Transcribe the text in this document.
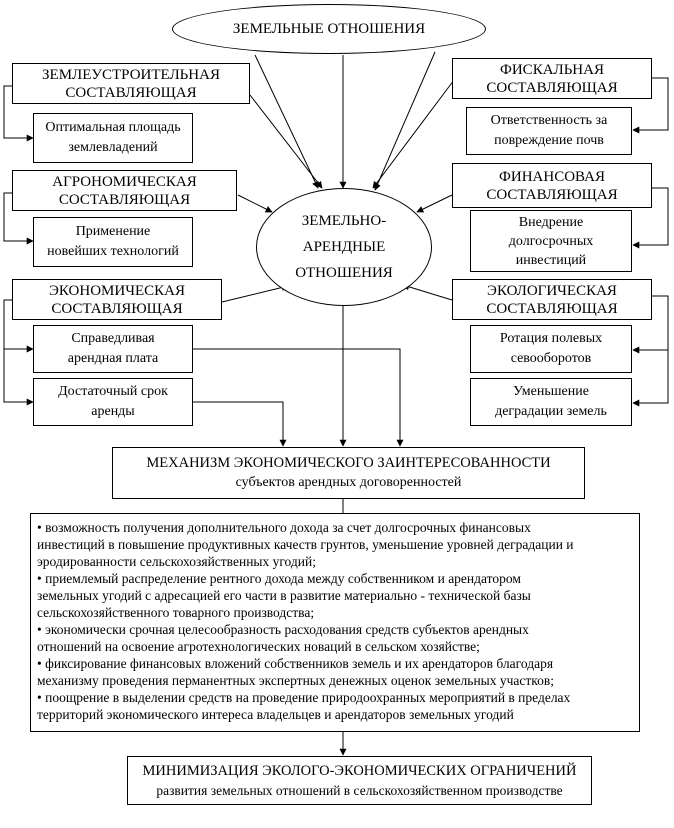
ЗЕМЕЛЬНЫЕ ОТНОШЕНИЯ
ЗЕМЕЛЬНО-
АРЕНДНЫЕ
ОТНОШЕНИЯ
ЗЕМЛЕУСТРОИТЕЛЬНАЯ
СОСТАВЛЯЮЩАЯ
Оптимальная площадь
землевладений
АГРОНОМИЧЕСКАЯ
СОСТАВЛЯЮЩАЯ
Применение
новейших технологий
ЭКОНОМИЧЕСКАЯ
СОСТАВЛЯЮЩАЯ
Справедливая
арендная плата
Достаточный срок
аренды
ФИСКАЛЬНАЯ
СОСТАВЛЯЮЩАЯ
Ответственность за
повреждение почв
ФИНАНСОВАЯ
СОСТАВЛЯЮЩАЯ
Внедрение
долгосрочных
инвестиций
ЭКОЛОГИЧЕСКАЯ
СОСТАВЛЯЮЩАЯ
Ротация полевых
севооборотов
Уменьшение
деградации земель
МЕХАНИЗМ ЭКОНОМИЧЕСКОГО ЗАИНТЕРЕСОВАННОСТИ
субъектов арендных договоренностей

• возможность получения дополнительного дохода за счет долгосрочных финансовых
инвестиций в повышение продуктивных качеств грунтов, уменьшение уровней деградации и
эродированности сельскохозяйственных угодий;

• приемлемый распределение рентного дохода между собственником и арендатором
земельных угодий с адресацией его части в развитие материально - технической базы
сельскохозяйственного товарного производства;

• экономически срочная целесообразность расходования средств субъектов арендных
отношений на освоение агротехнологических новаций в сельском хозяйстве;

• фиксирование финансовых вложений собственников земель и их арендаторов благодаря
механизму проведения перманентных экспертных денежных оценок земельных участков;

• поощрение в выделении средств на проведение природоохранных мероприятий в пределах
территорий экономического интереса владельцев и арендаторов земельных угодий

МИНИМИЗАЦИЯ ЭКОЛОГО-ЭКОНОМИЧЕСКИХ ОГРАНИЧЕНИЙ
развития земельных отношений в сельскохозяйственном производстве
